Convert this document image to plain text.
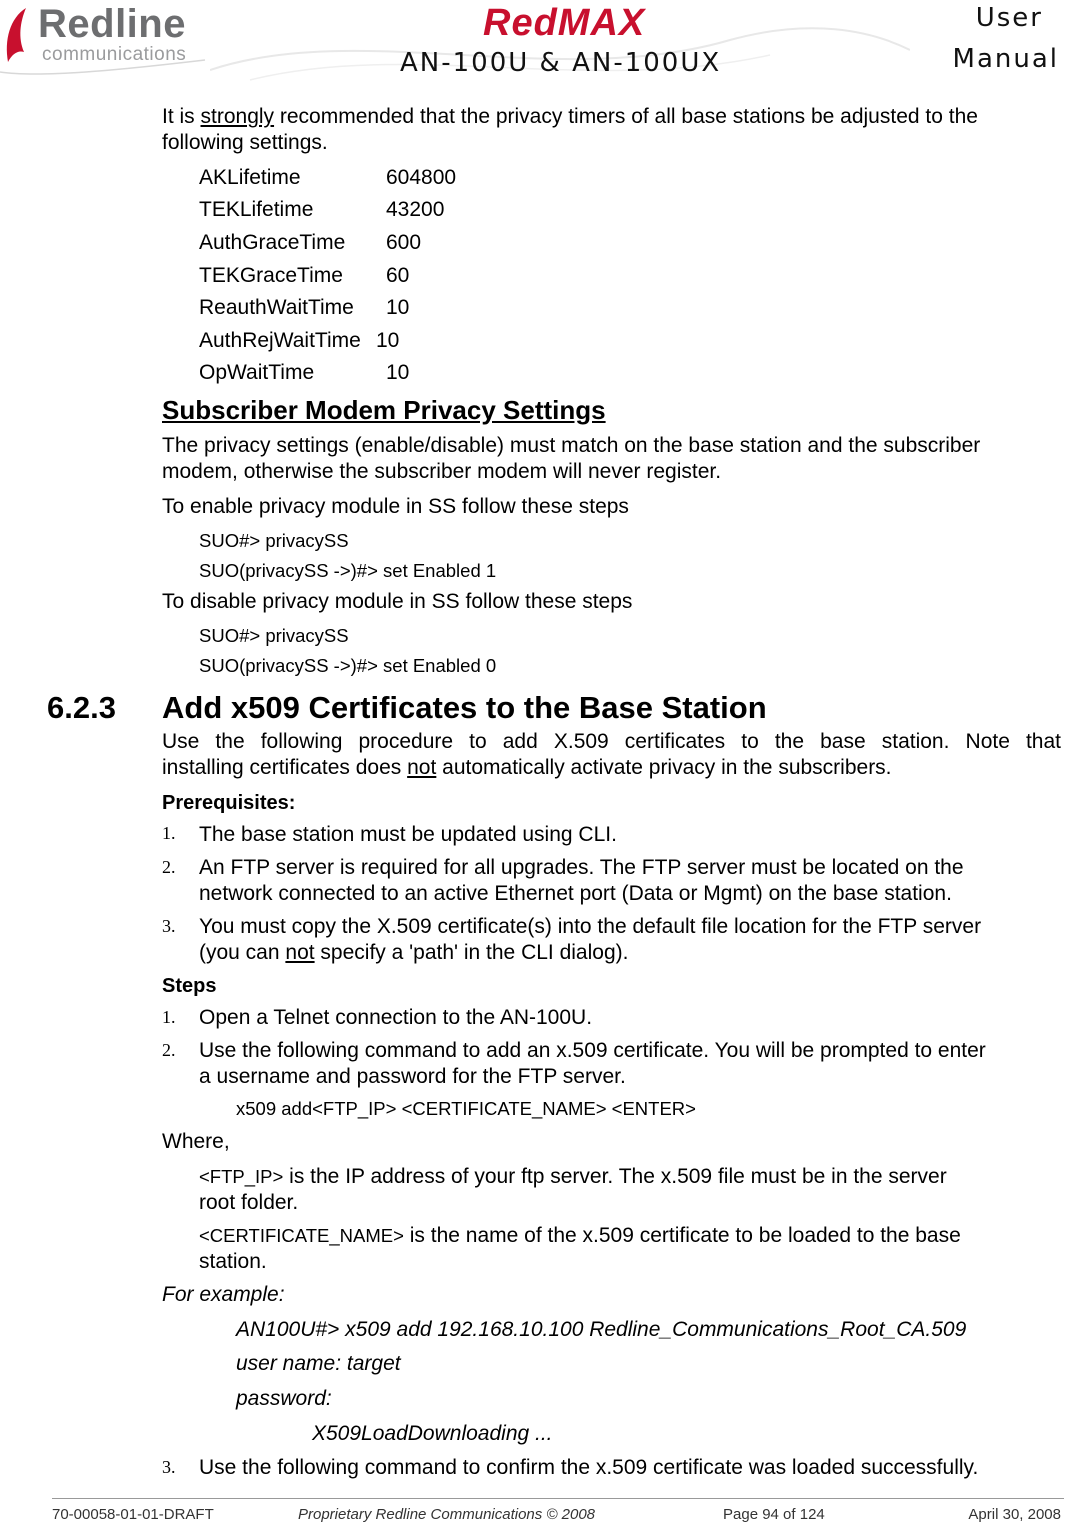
Redline
communications
RedMAX
AN-100U & AN-100UX
User
Manual
It is strongly recommended that the privacy timers of all base stations be adjusted to the
following settings.
AKLifetime	604800
TEKLifetime	43200
AuthGraceTime 600
TEKGraceTime 60
ReauthWaitTime 10
AuthRejWaitTime 10
OpWaitTime	10
Subscriber Modem Privacy Settings
The privacy settings (enable/disable) must match on the base station and the subscriber
modem, otherwise the subscriber modem will never register.
To enable privacy module in SS follow these steps
SUO#> privacySS
SUO(privacySS ->)#> set Enabled 1
To disable privacy module in SS follow these steps
SUO#> privacySS
SUO(privacySS ->)#> set Enabled 0
6.2.3 Add x509 Certificates to the Base Station
Use the following procedure to add X.509 certificates to the base station. Note that
installing certificates does not automatically activate privacy in the subscribers.
Prerequisites:
1. The base station must be updated using CLI.
2. An FTP server is required for all upgrades. The FTP server must be located on the
network connected to an active Ethernet port (Data or Mgmt) on the base station.
3. You must copy the X.509 certificate(s) into the default file location for the FTP server
(you can not specify a 'path' in the CLI dialog).
Steps
1. Open a Telnet connection to the AN-100U.
2. Use the following command to add an x.509 certificate. You will be prompted to enter
a username and password for the FTP server.
x509 add<FTP_IP> <CERTIFICATE_NAME> <ENTER>
Where,
<FTP_IP> is the IP address of your ftp server. The x.509 file must be in the server
root folder.
<CERTIFICATE_NAME> is the name of the x.509 certificate to be loaded to the base
station.
For example:
AN100U#> x509 add 192.168.10.100 Redline_Communications_Root_CA.509
user name: target
password:
X509LoadDownloading ...
3. Use the following command to confirm the x.509 certificate was loaded successfully.
70-00058-01-01-DRAFT	Proprietary Redline Communications © 2008	Page 94 of 124	April 30, 2008
